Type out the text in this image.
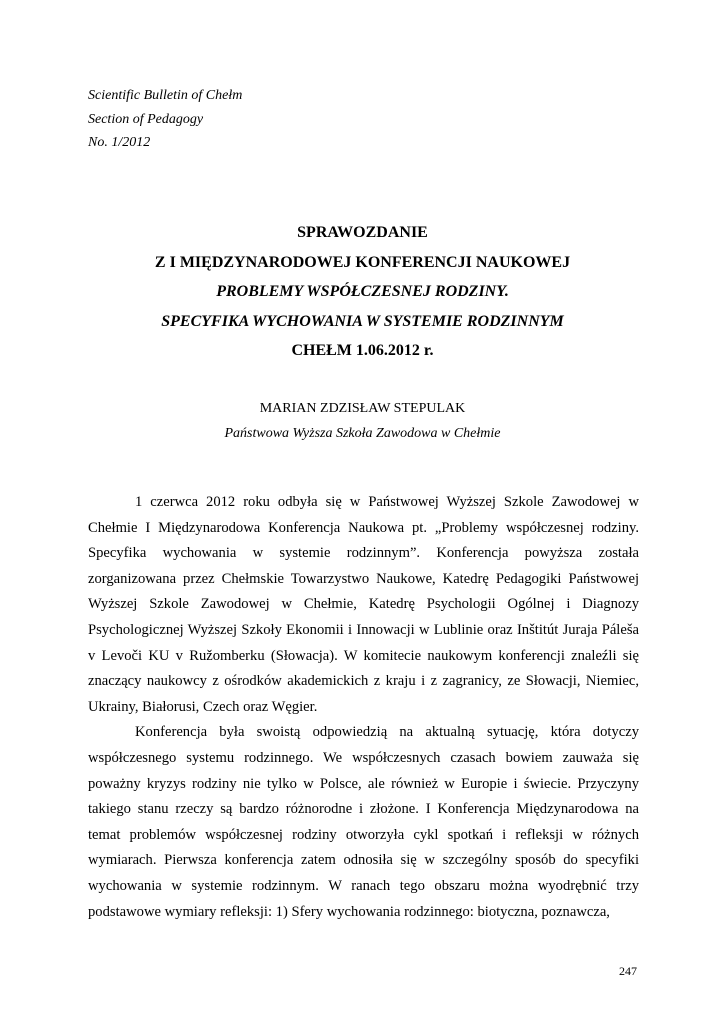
Scientific Bulletin of Chełm
Section of Pedagogy
No. 1/2012
SPRAWOZDANIE
Z I MIĘDZYNARODOWEJ KONFERENCJI NAUKOWEJ
PROBLEMY WSPÓŁCZESNEJ RODZINY.
SPECYFIKA WYCHOWANIA W SYSTEMIE RODZINNYM
CHEŁM 1.06.2012 r.
MARIAN ZDZISŁAW STEPULAK
Państwowa Wyższa Szkoła Zawodowa w Chełmie

1 czerwca 2012 roku odbyła się w Państwowej Wyższej Szkole Zawodowej w Chełmie I Międzynarodowa Konferencja Naukowa pt. „Problemy współczesnej rodziny. Specyfika wychowania w systemie rodzinnym”. Konferencja powyższa została zorganizowana przez Chełmskie Towarzystwo Naukowe, Katedrę Pedagogiki Państwowej Wyższej Szkole Zawodowej w Chełmie, Katedrę Psychologii Ogólnej i Diagnozy Psychologicznej Wyższej Szkoły Ekonomii i Innowacji w Lublinie oraz Inštitút Juraja Páleša v Levoči KU v Ružomberku (Słowacja). W komitecie naukowym konferencji znaleźli się znaczący naukowcy z ośrodków akademickich z kraju i z zagranicy, ze Słowacji, Niemiec, Ukrainy, Białorusi, Czech oraz Węgier.

Konferencja była swoistą odpowiedzią na aktualną sytuację, która dotyczy współczesnego systemu rodzinnego. We współczesnych czasach bowiem zauważa się poważny kryzys rodziny nie tylko w Polsce, ale również w Europie i świecie. Przyczyny takiego stanu rzeczy są bardzo różnorodne i złożone. I Konferencja Międzynarodowa na temat problemów współczesnej rodziny otworzyła cykl spotkań i refleksji w różnych wymiarach. Pierwsza konferencja zatem odnosiła się w szczególny sposób do specyfiki wychowania w systemie rodzinnym. W ranach tego obszaru można wyodrębnić trzy podstawowe wymiary refleksji: 1) Sfery wychowania rodzinnego: biotyczna, poznawcza,

247
